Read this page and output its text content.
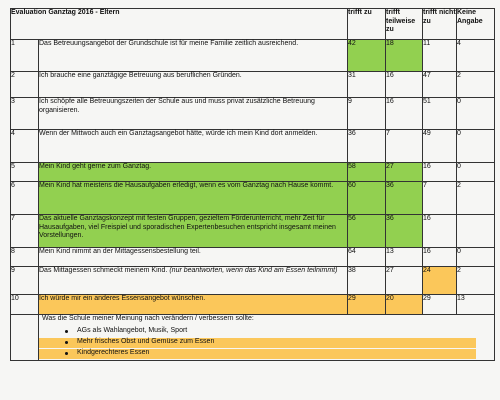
Evaluation Ganztag 2016 - Eltern		trifft zu	trifft teilweise zu	trifft nicht zu	Keine Angabe
1	Das Betreuungsangebot der Grundschule ist für meine Familie zeitlich ausreichend.	42	18	11	4
2	Ich brauche eine ganztägige Betreuung aus beruflichen Gründen.	31	16	47	2
3	Ich schöpfe alle Betreuungszeiten der Schule aus und muss privat zusätzliche Betreuung organisieren.	9	16	51	0
4	Wenn der Mittwoch auch ein Ganztagsangebot hätte, würde ich mein Kind dort anmelden.	36	7	49	0
5	Mein Kind geht gerne zum Ganztag.	58	27	16	0
6	Mein Kind hat meistens die Hausaufgaben erledigt, wenn es vom Ganztag nach Hause kommt.	60	36	7	2
7	Das aktuelle Ganztagskonzept mit festen Gruppen, gezieltem Förderunterricht, mehr Zeit für Hausaufgaben, viel Freispiel und sporadischen Expertenbesuchen entspricht insgesamt meinen Vorstellungen.	56	36	16	
8	Mein Kind nimmt an der Mittagessensbestellung teil.	64	13	16	0
9	Das Mittagessen schmeckt meinem Kind. (nur beantworten, wenn das Kind am Essen teilnimmt)	38	27	24	2
10	Ich würde mir ein anderes Essensangebot wünschen.	29	20	29	13

	Was die Schule meiner Meinung nach verändern / verbessern sollte:
AGs als Wahlangebot, Musik, Sport
Mehr frisches Obst und Gemüse zum Essen
Kindgerechteres Essen				
